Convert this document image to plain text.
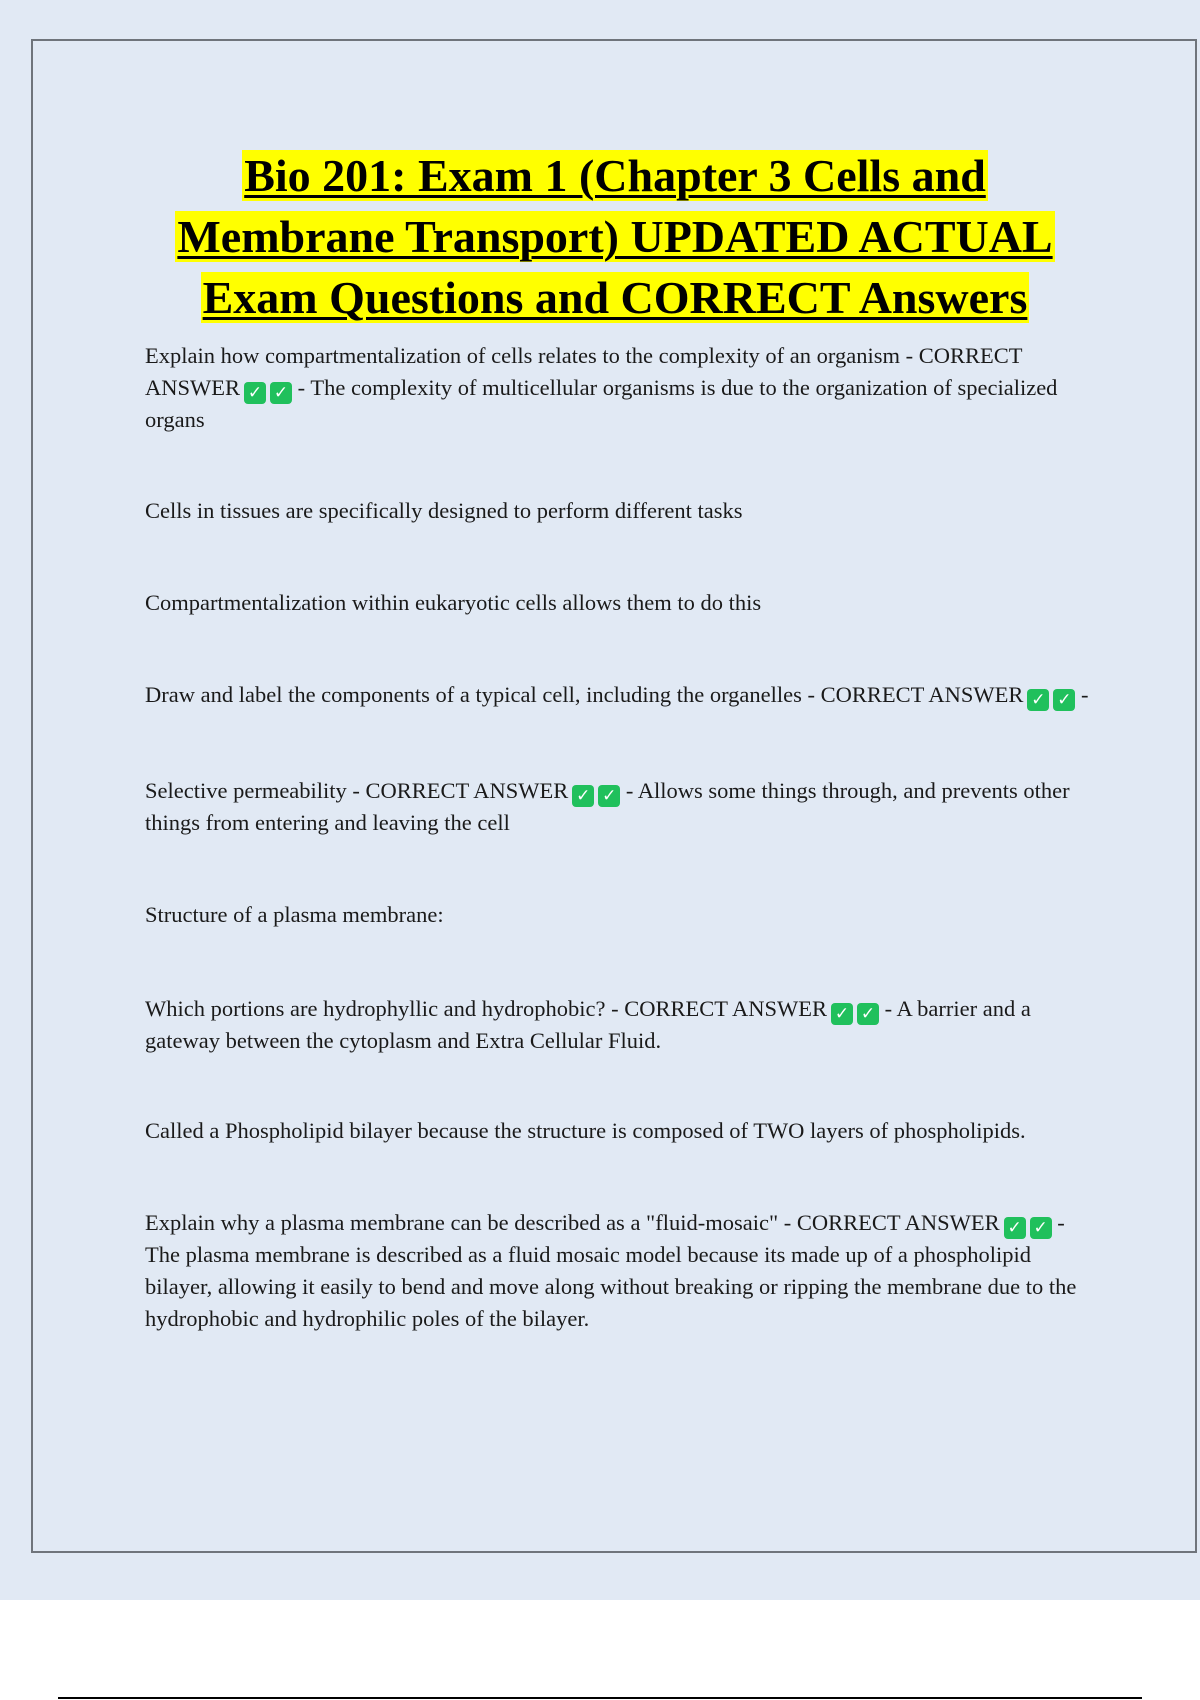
Bio 201: Exam 1 (Chapter 3 Cells and
Membrane Transport) UPDATED ACTUAL
Exam Questions and CORRECT Answers

Explain how compartmentalization of cells relates to the complexity of an organism - CORRECT ANSWER ✓ ✓ - The complexity of multicellular organisms is due to the organization of specialized organs

Cells in tissues are specifically designed to perform different tasks

Compartmentalization within eukaryotic cells allows them to do this

Draw and label the components of a typical cell, including the organelles - CORRECT ANSWER ✓ ✓ -

Selective permeability - CORRECT ANSWER ✓ ✓ - Allows some things through, and prevents other things from entering and leaving the cell

Structure of a plasma membrane:

Which portions are hydrophyllic and hydrophobic? - CORRECT ANSWER ✓ ✓ - A barrier and a gateway between the cytoplasm and Extra Cellular Fluid.

Called a Phospholipid bilayer because the structure is composed of TWO layers of phospholipids.

Explain why a plasma membrane can be described as a "fluid-mosaic" - CORRECT ANSWER ✓ ✓ - The plasma membrane is described as a fluid mosaic model because its made up of a phospholipid bilayer, allowing it easily to bend and move along without breaking or ripping the membrane due to the hydrophobic and hydrophilic poles of the bilayer.
